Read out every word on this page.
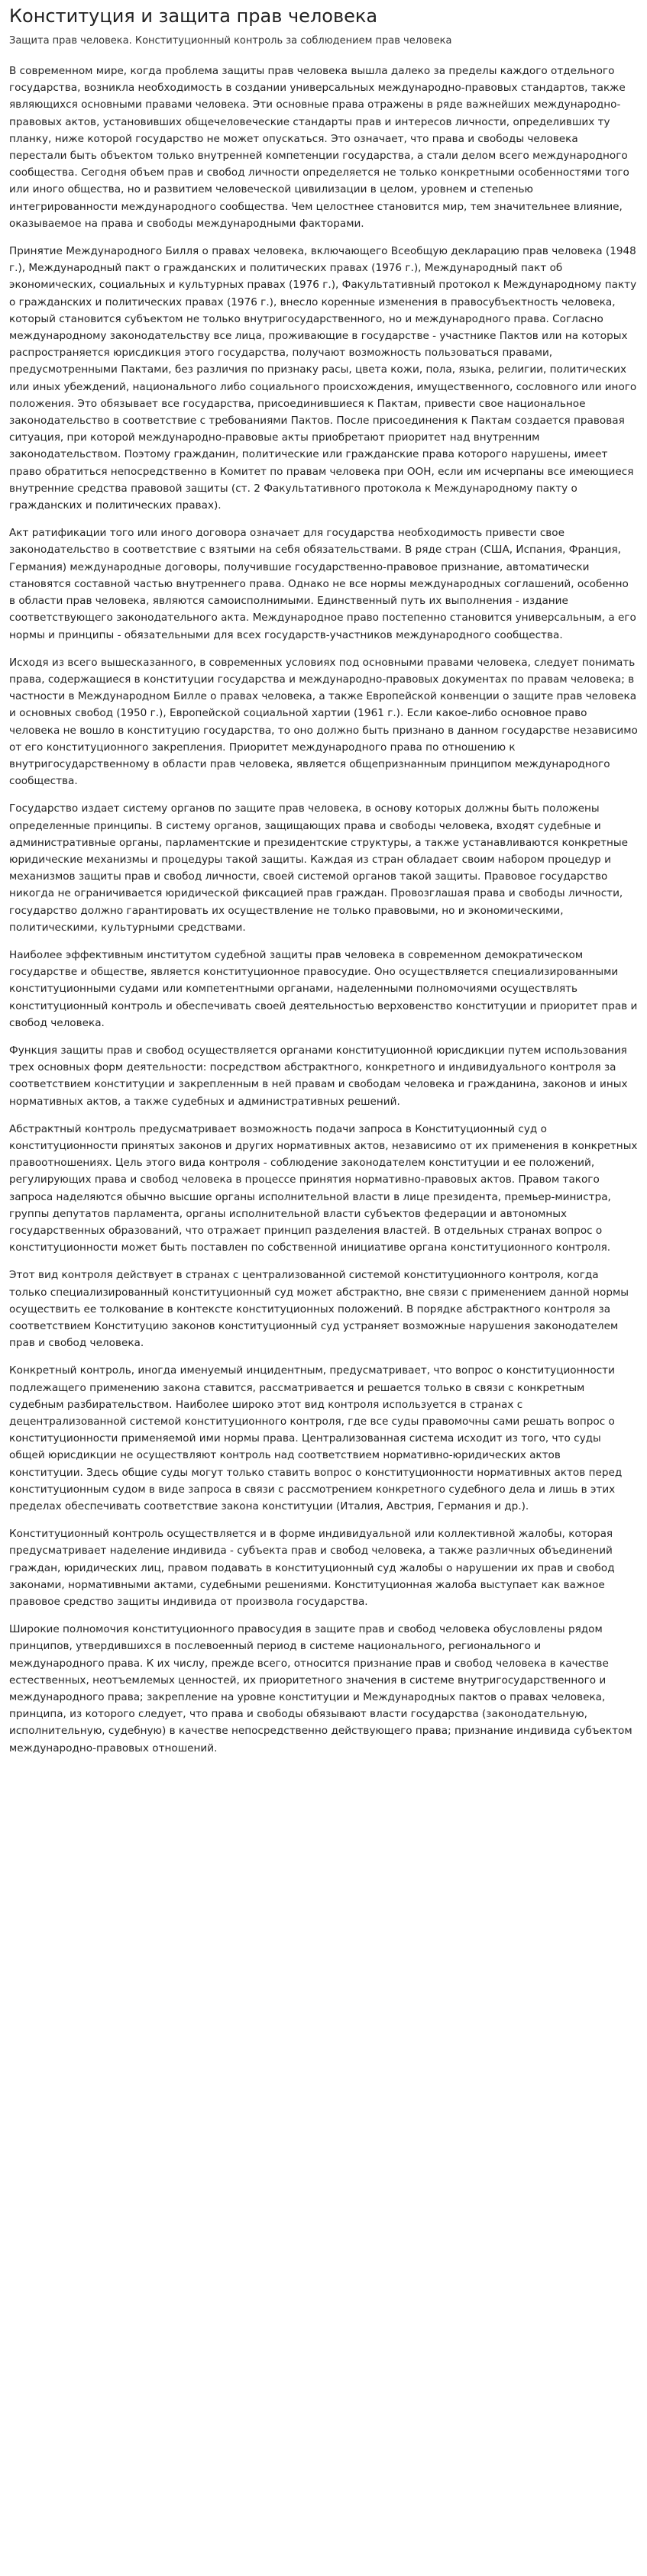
Конституция и защита прав человека
Защита прав человека. Конституционный контроль за соблюдением прав человека

В современном мире, когда проблема защиты прав человека вышла далеко за пределы каждого отдельного государства, возникла необходимость в создании универсальных международно-правовых стандартов, также являющихся основными правами человека. Эти основные права отражены в ряде важнейших международно-правовых актов, установивших общечеловеческие стандарты прав и интересов личности, определивших ту планку, ниже которой государство не может опускаться. Это означает, что права и свободы человека перестали быть объектом только внутренней компетенции государства, а стали делом всего международного сообщества. Сегодня объем прав и свобод личности определяется не только конкретными особенностями того или иного общества, но и развитием человеческой цивилизации в целом, уровнем и степенью интегрированности международного сообщества. Чем целостнее становится мир, тем значительнее влияние, оказываемое на права и свободы международными факторами.

Принятие Международного Билля о правах человека, включающего Всеобщую декларацию прав человека (1948 г.), Международный пакт о гражданских и политических правах (1976 г.), Международный пакт об экономических, социальных и культурных правах (1976 г.), Факультативный протокол к Международному пакту о гражданских и политических правах (1976 г.), внесло коренные изменения в правосубъектность человека, который становится субъектом не только внутригосударственного, но и международного права. Согласно международному законодательству все лица, проживающие в государстве - участнике Пактов или на которых распространяется юрисдикция этого государства, получают возможность пользоваться правами, предусмотренными Пактами, без различия по признаку расы, цвета кожи, пола, языка, религии, политических или иных убеждений, национального либо социального происхождения, имущественного, сословного или иного положения. Это обязывает все государства, присоединившиеся к Пактам, привести свое национальное законодательство в соответствие с требованиями Пактов. После присоединения к Пактам создается правовая ситуация, при которой международно-правовые акты приобретают приоритет над внутренним законодательством. Поэтому гражданин, политические или гражданские права которого нарушены, имеет право обратиться непосредственно в Комитет по правам человека при ООН, если им исчерпаны все имеющиеся внутренние средства правовой защиты (ст. 2 Факультативного протокола к Международному пакту о гражданских и политических правах).

Акт ратификации того или иного договора означает для государства необходимость привести свое законодательство в соответствие с взятыми на себя обязательствами. В ряде стран (США, Испания, Франция, Германия) международные договоры, получившие государственно-правовое признание, автоматически становятся составной частью внутреннего права. Однако не все нормы международных соглашений, особенно в области прав человека, являются самоисполнимыми. Единственный путь их выполнения - издание соответствующего законодательного акта. Международное право постепенно становится универсальным, а его нормы и принципы - обязательными для всех государств-участников международного сообщества.

Исходя из всего вышесказанного, в современных условиях под основными правами человека, следует понимать права, содержащиеся в конституции государства и международно-правовых документах по правам человека; в частности в Международном Билле о правах человека, а также Европейской конвенции о защите прав человека и основных свобод (1950 г.), Европейской социальной хартии (1961 г.). Если какое-либо основное право человека не вошло в конституцию государства, то оно должно быть признано в данном государстве независимо от его конституционного закрепления. Приоритет международного права по отношению к внутригосударственному в области прав человека, является общепризнанным принципом международного сообщества.

Государство издает систему органов по защите прав человека, в основу которых должны быть положены определенные принципы. В систему органов, защищающих права и свободы человека, входят судебные и административные органы, парламентские и президентские структуры, а также устанавливаются конкретные юридические механизмы и процедуры такой защиты. Каждая из стран обладает своим набором процедур и механизмов защиты прав и свобод личности, своей системой органов такой защиты. Правовое государство никогда не ограничивается юридической фиксацией прав граждан. Провозглашая права и свободы личности, государство должно гарантировать их осуществление не только правовыми, но и экономическими, политическими, культурными средствами.

Наиболее эффективным институтом судебной защиты прав человека в современном демократическом государстве и обществе, является конституционное правосудие. Оно осуществляется специализированными конституционными судами или компетентными органами, наделенными полномочиями осуществлять конституционный контроль и обеспечивать своей деятельностью верховенство конституции и приоритет прав и свобод человека.

Функция защиты прав и свобод осуществляется органами конституционной юрисдикции путем использования трех основных форм деятельности: посредством абстрактного, конкретного и индивидуального контроля за соответствием конституции и закрепленным в ней правам и свободам человека и гражданина, законов и иных нормативных актов, а также судебных и административных решений.

Абстрактный контроль предусматривает возможность подачи запроса в Конституционный суд о конституционности принятых законов и других нормативных актов, независимо от их применения в конкретных правоотношениях. Цель этого вида контроля - соблюдение законодателем конституции и ее положений, регулирующих права и свобод человека в процессе принятия нормативно-правовых актов. Правом такого запроса наделяются обычно высшие органы исполнительной власти в лице президента, премьер-министра, группы депутатов парламента, органы исполнительной власти субъектов федерации и автономных государственных образований, что отражает принцип разделения властей. В отдельных странах вопрос о конституционности может быть поставлен по собственной инициативе органа конституционного контроля.

Этот вид контроля действует в странах с централизованной системой конституционного контроля, когда только специализированный конституционный суд может абстрактно, вне связи с применением данной нормы осуществить ее толкование в контексте конституционных положений. В порядке абстрактного контроля за соответствием Конституцию законов конституционный суд устраняет возможные нарушения законодателем прав и свобод человека.

Конкретный контроль, иногда именуемый инцидентным, предусматривает, что вопрос о конституционности подлежащего применению закона ставится, рассматривается и решается только в связи с конкретным судебным разбирательством. Наиболее широко этот вид контроля используется в странах с децентрализованной системой конституционного контроля, где все суды правомочны сами решать вопрос о конституционности применяемой ими нормы права. Централизованная система исходит из того, что суды общей юрисдикции не осуществляют контроль над соответствием нормативно-юридических актов конституции. Здесь общие суды могут только ставить вопрос о конституционности нормативных актов перед конституционным судом в виде запроса в связи с рассмотрением конкретного судебного дела и лишь в этих пределах обеспечивать соответствие закона конституции (Италия, Австрия, Германия и др.).

Конституционный контроль осуществляется и в форме индивидуальной или коллективной жалобы, которая предусматривает наделение индивида - субъекта прав и свобод человека, а также различных объединений граждан, юридических лиц, правом подавать в конституционный суд жалобы о нарушении их прав и свобод законами, нормативными актами, судебными решениями. Конституционная жалоба выступает как важное правовое средство защиты индивида от произвола государства.

Широкие полномочия конституционного правосудия в защите прав и свобод человека обусловлены рядом принципов, утвердившихся в послевоенный период в системе национального, регионального и международного права. К их числу, прежде всего, относится признание прав и свобод человека в качестве естественных, неотъемлемых ценностей, их приоритетного значения в системе внутригосударственного и международного права; закрепление на уровне конституции и Международных пактов о правах человека, принципа, из которого следует, что права и свободы обязывают власти государства (законодательную, исполнительную, судебную) в качестве непосредственно действующего права; признание индивида субъектом международно-правовых отношений.
